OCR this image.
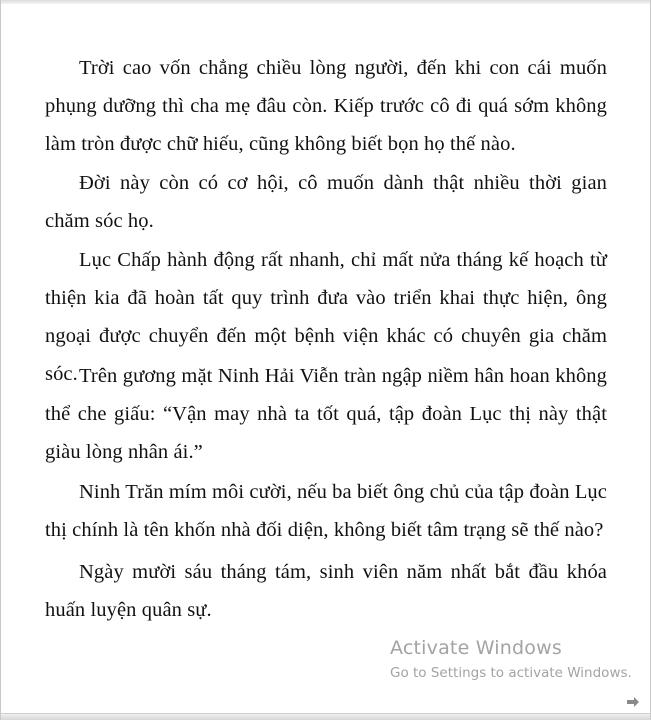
Trời cao vốn chẳng chiều lòng người, đến khi con cái muốn phụng dưỡng thì cha mẹ đâu còn. Kiếp trước cô đi quá sớm không làm tròn được chữ hiếu, cũng không biết bọn họ thế nào.

Đời này còn có cơ hội, cô muốn dành thật nhiều thời gian chăm sóc họ.

Lục Chấp hành động rất nhanh, chỉ mất nửa tháng kế hoạch từ thiện kia đã hoàn tất quy trình đưa vào triển khai thực hiện, ông ngoại được chuyển đến một bệnh viện khác có chuyên gia chăm sóc. Trên gương mặt Ninh Hải Viễn tràn ngập niềm hân hoan không thể che giấu: “Vận may nhà ta tốt quá, tập đoàn Lục thị này thật giàu lòng nhân ái.”

Ninh Trăn mím môi cười, nếu ba biết ông chủ của tập đoàn Lục thị chính là tên khốn nhà đối diện, không biết tâm trạng sẽ thế nào?

Ngày mười sáu tháng tám, sinh viên năm nhất bắt đầu khóa huấn luyện quân sự.

Activate Windows
Go to Settings to activate Windows.
